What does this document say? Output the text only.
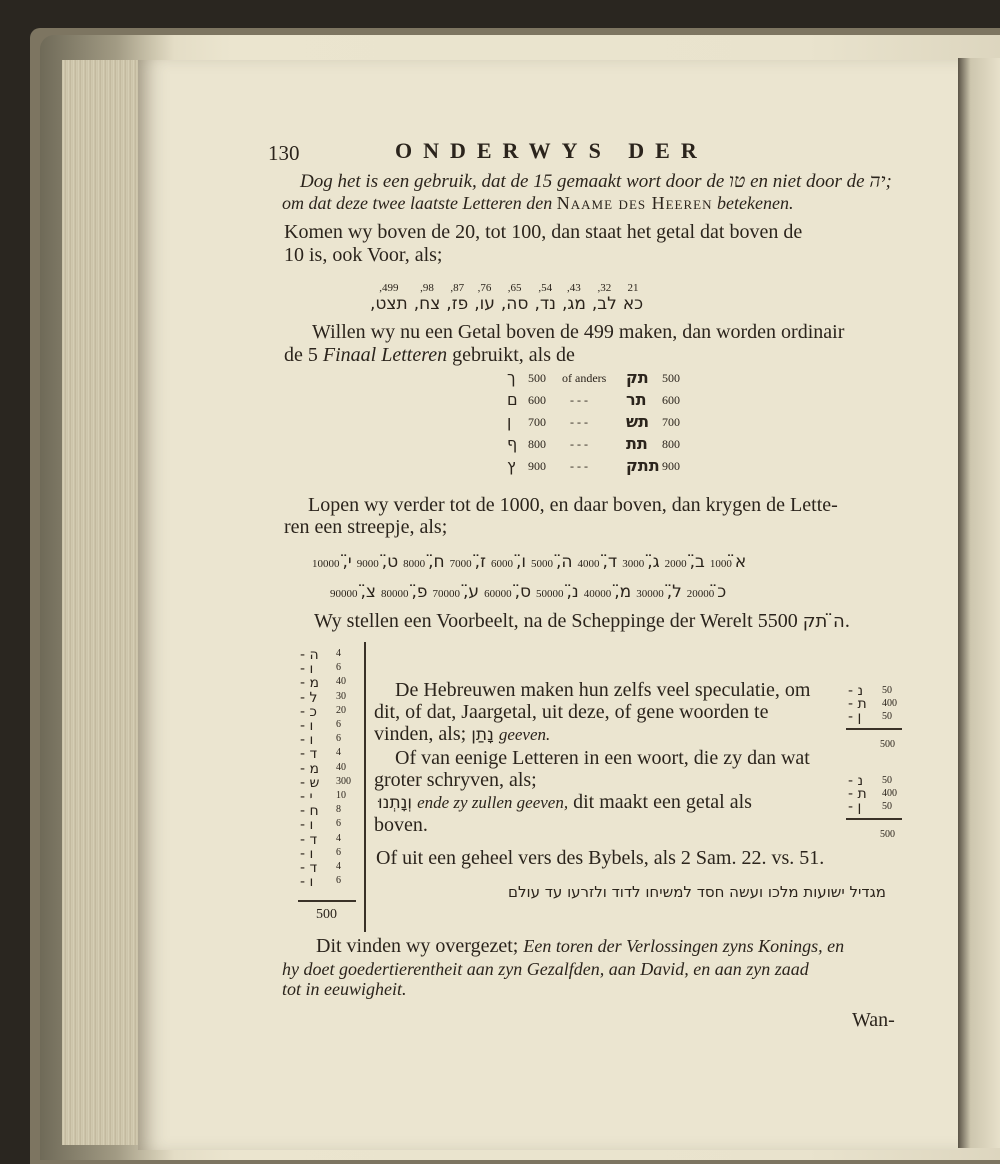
130	ONDERWYS DER
Dog het is een gebruik, dat de 15 gemaakt wort door de טו en niet door de יה;
om dat deze twee laatste Letteren den Naame des Heeren betekenen.
Komen wy boven de 20, tot 100, dan staat het getal dat boven de
10 is, ook Voor, als;
21
כא
32,
לב,
43,
מג,
54,
נד,
65,
סה,
76,
עו,
87,
פז,
98,
צח,
499,
תצט,
Willen wy nu een Getal boven de 499 maken, dan worden ordinair
de 5 Finaal Letteren gebruikt, als de
ך 500 of anders תק 500
ם 600 - - - תר 600
ן 700 - - - תש 700
ף 800 - - - תת 800
ץ 900 - - - תתק 900
Lopen wy verder tot de 1000, en daar boven, dan krygen de Lette-
ren een streepje, als;
א̈
1000
ב̈,
2000
ג̈,
3000
ד̈,
4000
ה̈,
5000
ו̈,
6000
ז̈,
7000
ח̈,
8000
ט̈,
9000
י̈,
10000
כ̈
20000
ל̈,
30000
מ̈,
40000
נ̈,
50000
ס̈,
60000
ע̈,
70000
פ̈,
80000
צ̈,
90000
Wy stellen een Voorbeelt, na de Scheppinge der Werelt	ה̈ תק 5500.
ה - 4
ו - 6
מ - 40
ל - 30
כ - 20
ו - 6
ו - 6
ד - 4
מ - 40
ש - 300
י - 10
ח - 8
ו - 6
ד - 4
ו - 6
ד - 4
ו - 6
500
De Hebreuwen maken hun zelfs veel speculatie, om
dit, of dat, Jaargetal, uit deze, of gene woorden te
vinden, als; נָתַן geeven.
Of van eenige Letteren in een woort, die zy dan wat
groter schryven, als;
וְנָתְנוּ ende zy zullen geeven, dit maakt een getal als
boven.
Of uit een geheel vers des Bybels, als 2 Sam. 22. vs. 51.
מגדיל ישועות מלכו ועשה חסד למשיחו לדוד ולזרעו עד עולם
נ - 50
ת - 400
ן - 50
500
נ - 50
ת - 400
ן - 50
500
Dit vinden wy overgezet; Een toren der Verlossingen zyns Konings, en
hy doet goedertierentheit aan zyn Gezalfden, aan David, en aan zyn zaad
tot in eeuwigheit.
Wan-
